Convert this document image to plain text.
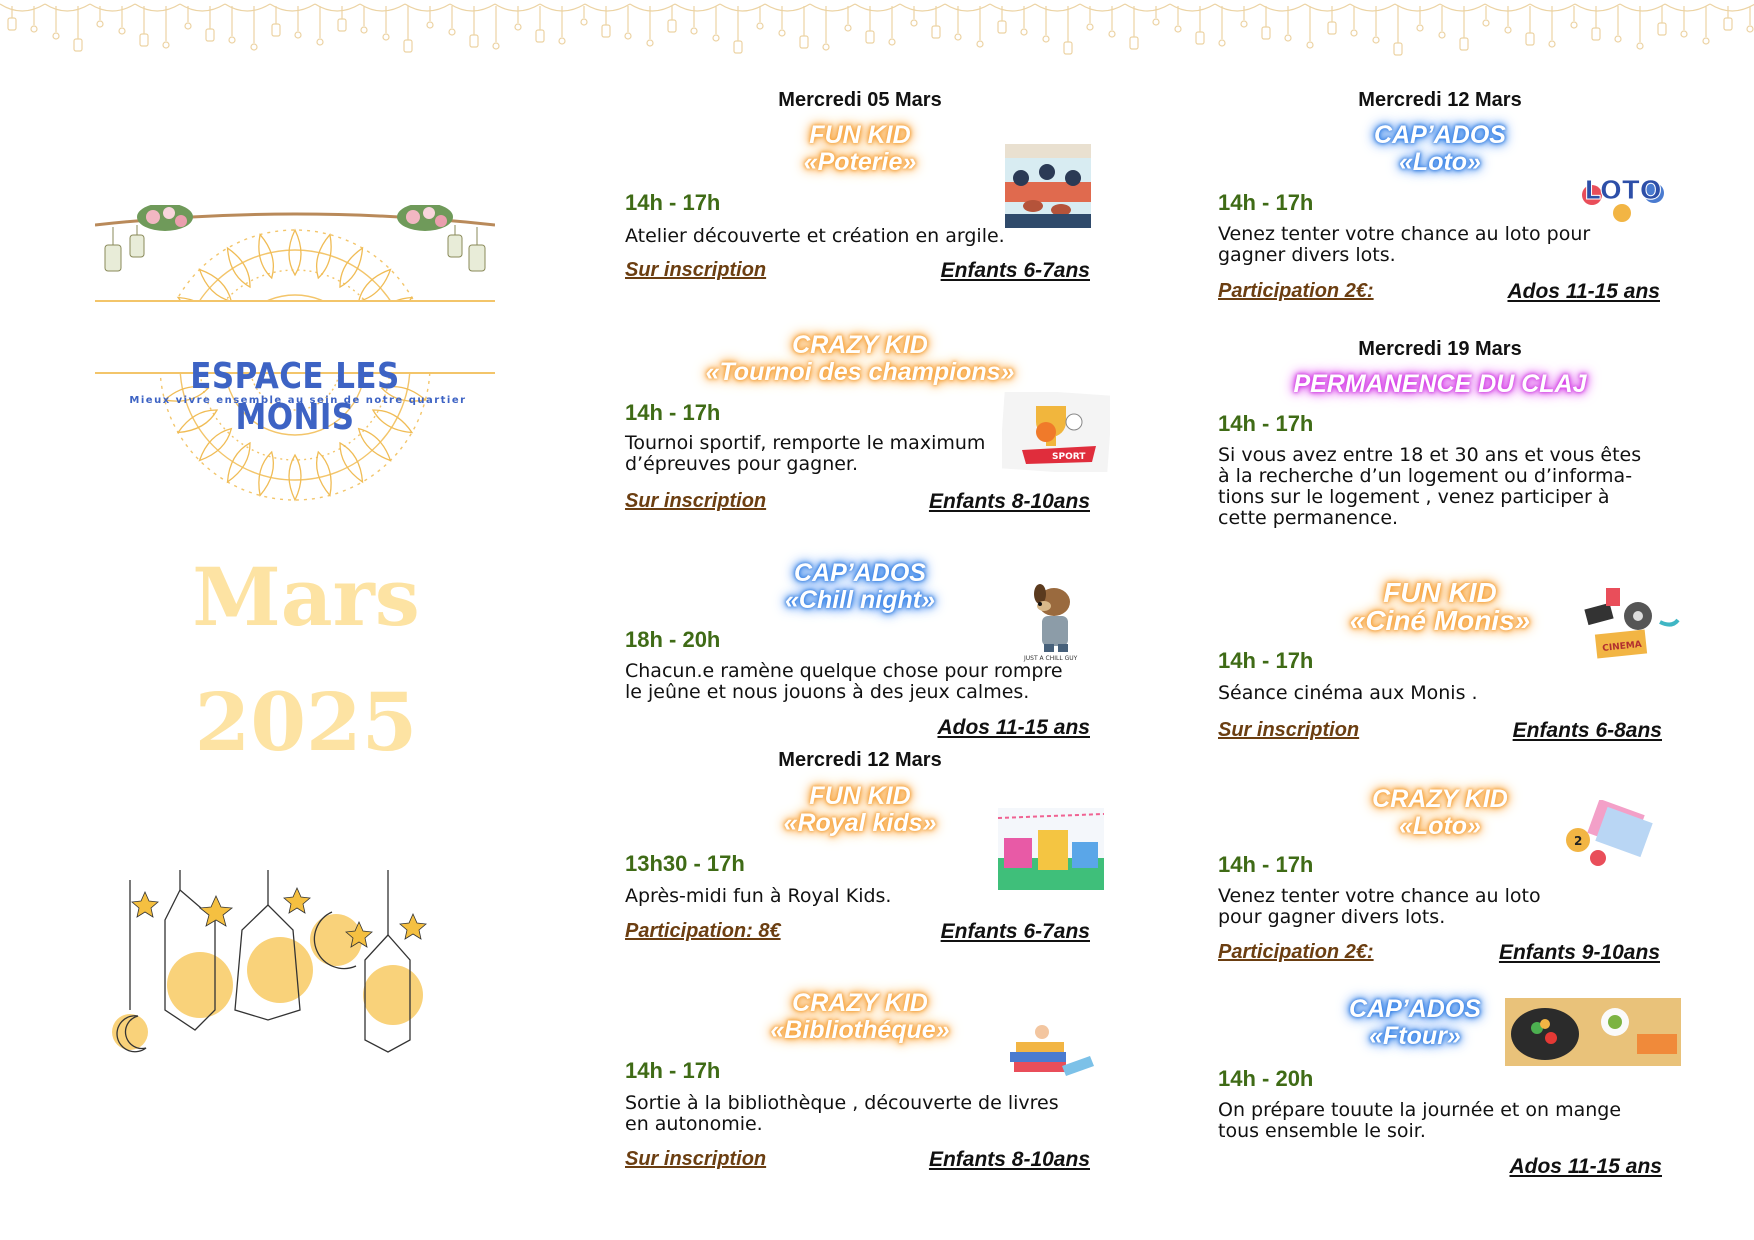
ESPACE LES MONIS
Mieux vivre ensemble au sein de notre quartier
Mars
2025
Mercredi 05 Mars
FUN KID
«Poterie»
14h - 17h
Atelier découverte et création en argile.
Sur inscription	Enfants 6-7ans
CRAZY KID
«Tournoi des champions»
14h - 17h
Tournoi sportif, remporte le maximum
d’épreuves pour gagner.
Sur inscription	Enfants 8-10ans
SPORT
CAP’ADOS
«Chill night»
18h - 20h
Chacun.e ramène quelque chose pour rompre
le jeûne et nous jouons à des jeux calmes.
Ados 11-15 ans
JUST A CHILL GUY
Mercredi 12 Mars
FUN KID
«Royal kids»
13h30 - 17h
Après-midi fun à Royal Kids.
Participation: 8€	Enfants 6-7ans
CRAZY KID
«Bibliothéque»
14h - 17h
Sortie à la bibliothèque , découverte de livres
en autonomie.
Sur inscription	Enfants 8-10ans
Mercredi 12 Mars
CAP’ADOS
«Loto»
14h - 17h
Venez tenter votre chance au loto pour
gagner divers lots.
Participation 2€:	Ados 11-15 ans
LOTO
Mercredi 19 Mars
PERMANENCE DU CLAJ
14h - 17h
Si vous avez entre 18 et 30 ans et vous êtes
à la recherche d’un logement ou d’informa-
tions sur le logement , venez participer à
cette permanence.
FUN KID
«Ciné Monis»
14h - 17h
Séance cinéma aux Monis .
Sur inscription	Enfants 6-8ans
CINEMA
CRAZY KID
«Loto»
14h - 17h
Venez tenter votre chance au loto
pour gagner divers lots.
Participation 2€:	Enfants 9-10ans
2
CAP’ADOS
«Ftour»
14h - 20h
On prépare touute la journée et on mange
tous ensemble le soir.
Ados 11-15 ans
